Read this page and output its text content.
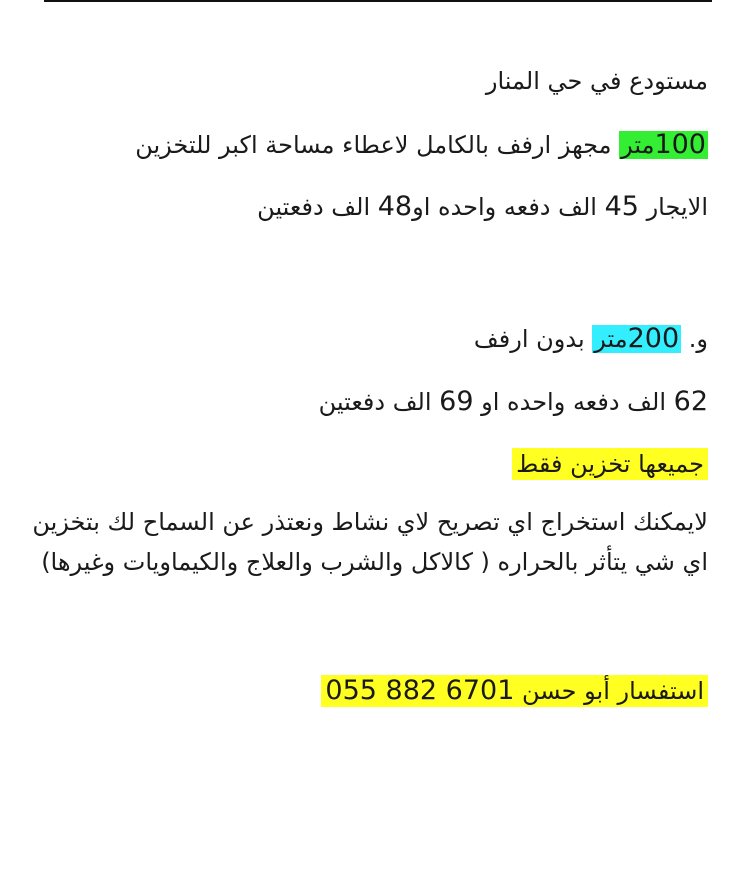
مستودع في حي المنار
100متر مجهز ارفف بالكامل لاعطاء مساحة اكبر للتخزين
الايجار 45 الف دفعه واحده او48 الف دفعتين
و. 200متر بدون ارفف
62 الف دفعه واحده او 69 الف دفعتين
جميعها تخزين فقط
لايمكنك استخراج اي تصريح لاي نشاط ونعتذر عن السماح لك بتخزين
اي شي يتأثر بالحراره ( كالاكل والشرب والعلاج والكيماويات وغيرها)
استفسار أبو حسن 055 882 6701
